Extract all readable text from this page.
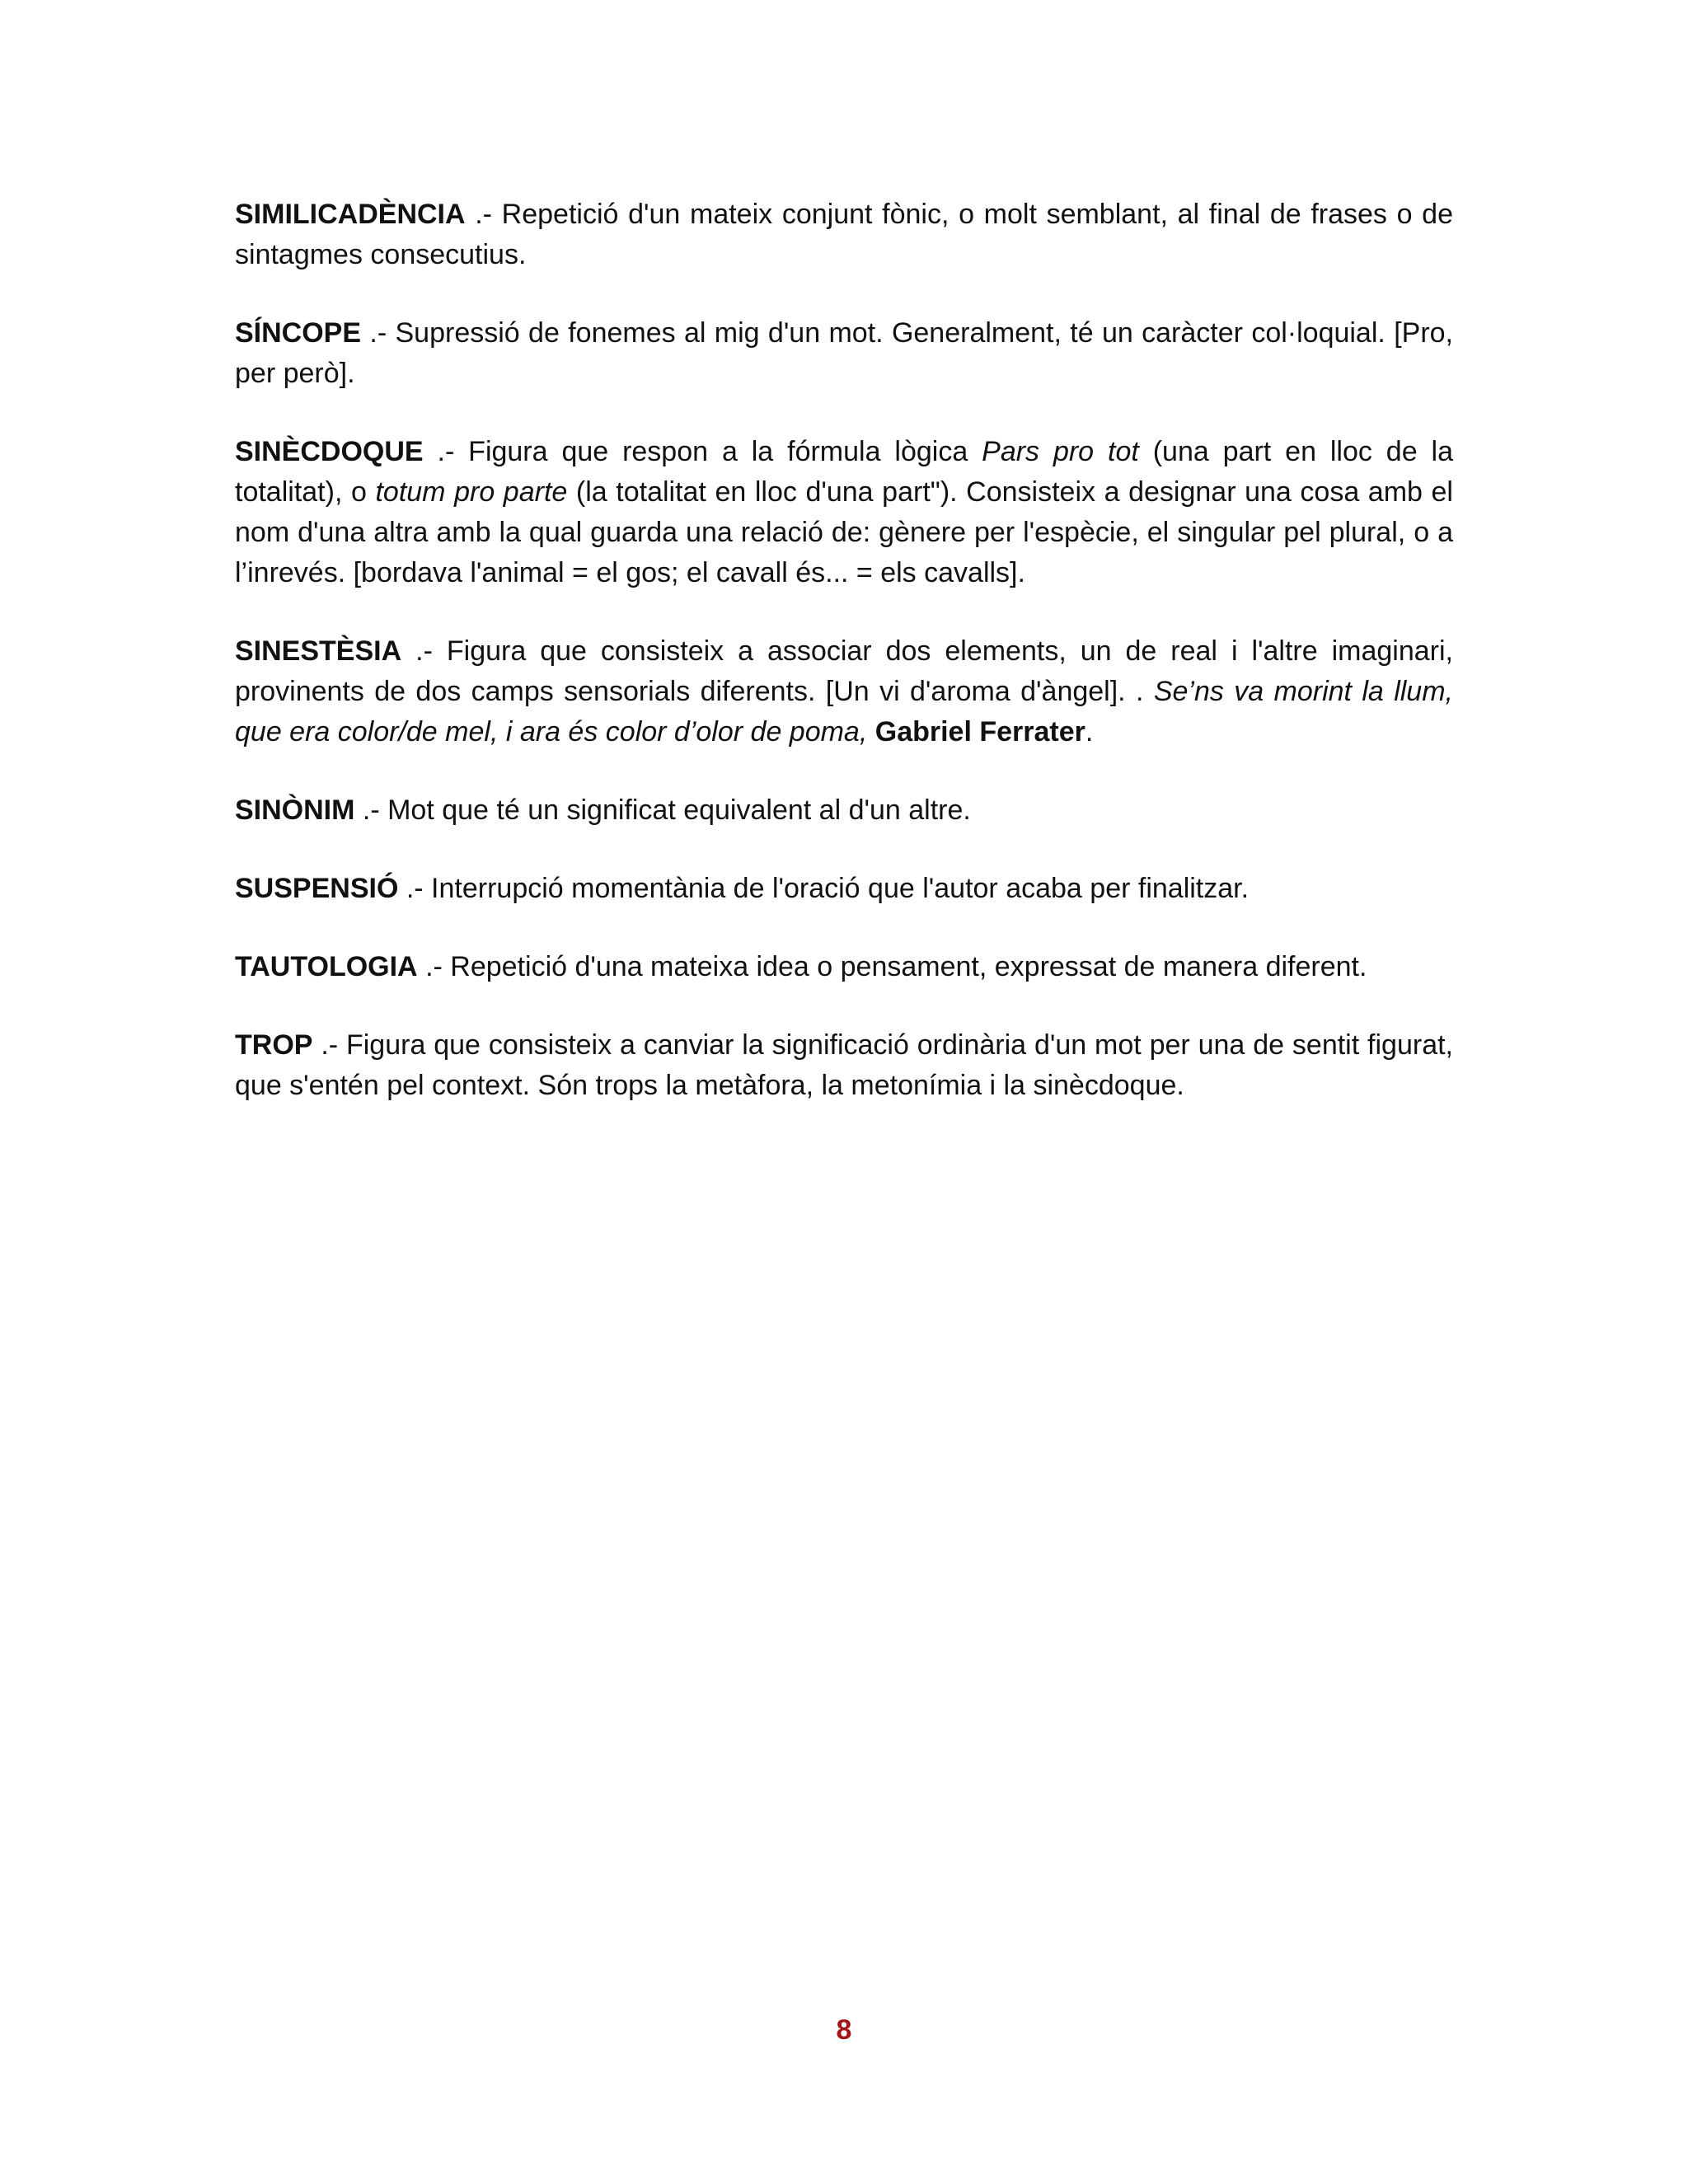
SIMILICADÈNCIA .- Repetició d'un mateix conjunt fònic, o molt semblant, al final de frases o de sintagmes consecutius.

SÍNCOPE .- Supressió de fonemes al mig d'un mot. Generalment, té un caràcter col·loquial. [Pro, per però].

SINÈCDOQUE .- Figura que respon a la fórmula lògica Pars pro tot (una part en lloc de la totalitat), o totum pro parte (la totalitat en lloc d'una part"). Consisteix a designar una cosa amb el nom d'una altra amb la qual guarda una relació de: gènere per l'espècie, el singular pel plural, o a l’inrevés. [bordava l'animal = el gos; el cavall és... = els cavalls].

SINESTÈSIA .- Figura que consisteix a associar dos elements, un de real i l'altre imaginari, provinents de dos camps sensorials diferents. [Un vi d'aroma d'àngel]. . Se’ns va morint la llum, que era color/de mel, i ara és color d’olor de poma, Gabriel Ferrater.

SINÒNIM .- Mot que té un significat equivalent al d'un altre.

SUSPENSIÓ .- Interrupció momentània de l'oració que l'autor acaba per finalitzar.

TAUTOLOGIA .- Repetició d'una mateixa idea o pensament, expressat de manera diferent.

TROP .- Figura que consisteix a canviar la significació ordinària d'un mot per una de sentit figurat, que s'entén pel context. Són trops la metàfora, la metonímia i la sinècdoque.

8
